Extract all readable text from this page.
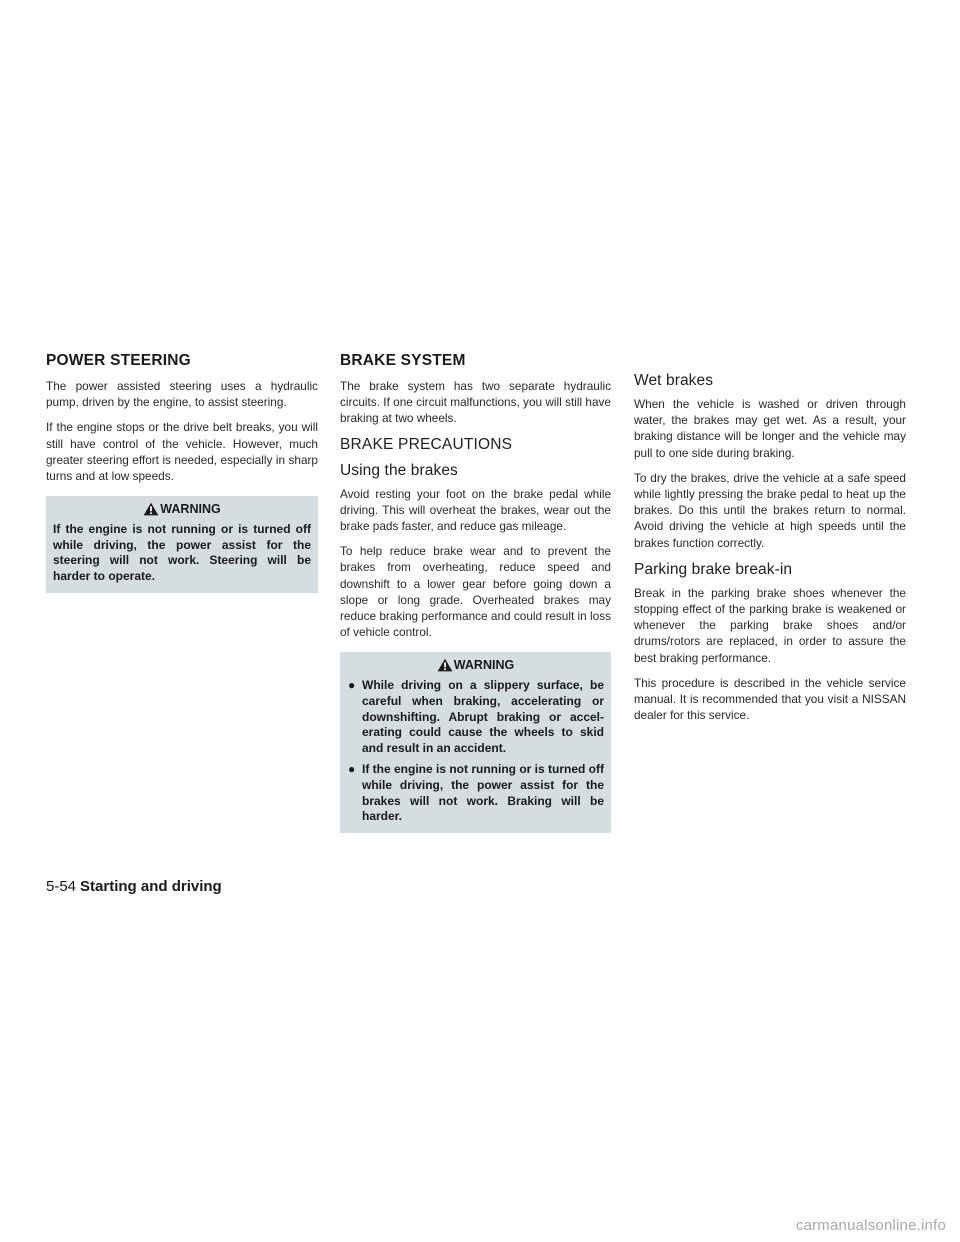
POWER STEERING	BRAKE SYSTEM

The power assisted steering uses a hydraulic pump, driven by the engine, to assist steering.

If the engine stops or the drive belt breaks, you will still have control of the vehicle. However, much greater steering effort is needed, especially in sharp turns and at low speeds.

WARNING

If the engine is not running or is turned off while driving, the power assist for the steering will not work. Steering will be harder to operate.

The brake system has two separate hydraulic circuits. If one circuit malfunctions, you will still have braking at two wheels.

BRAKE PRECAUTIONS
Using the brakes

Avoid resting your foot on the brake pedal while driving. This will overheat the brakes, wear out the brake pads faster, and reduce gas mileage.

To help reduce brake wear and to prevent the brakes from overheating, reduce speed and downshift to a lower gear before going down a slope or long grade. Overheated brakes may reduce braking performance and could result in loss of vehicle control.

WARNING
● While driving on a slippery surface, be careful when braking, accelerating or downshifting. Abrupt braking or accel-erating could cause the wheels to skid and result in an accident.
● If the engine is not running or is turned off while driving, the power assist for the brakes will not work. Braking will be harder.
Wet brakes

When the vehicle is washed or driven through water, the brakes may get wet. As a result, your braking distance will be longer and the vehicle may pull to one side during braking.

To dry the brakes, drive the vehicle at a safe speed while lightly pressing the brake pedal to heat up the brakes. Do this until the brakes return to normal. Avoid driving the vehicle at high speeds until the brakes function correctly.

Parking brake break-in

Break in the parking brake shoes whenever the stopping effect of the parking brake is weakened or whenever the parking brake shoes and/or drums/rotors are replaced, in order to assure the best braking performance.

This procedure is described in the vehicle service manual. It is recommended that you visit a NISSAN dealer for this service.

5-54 Starting and driving
carmanualsonline.info
